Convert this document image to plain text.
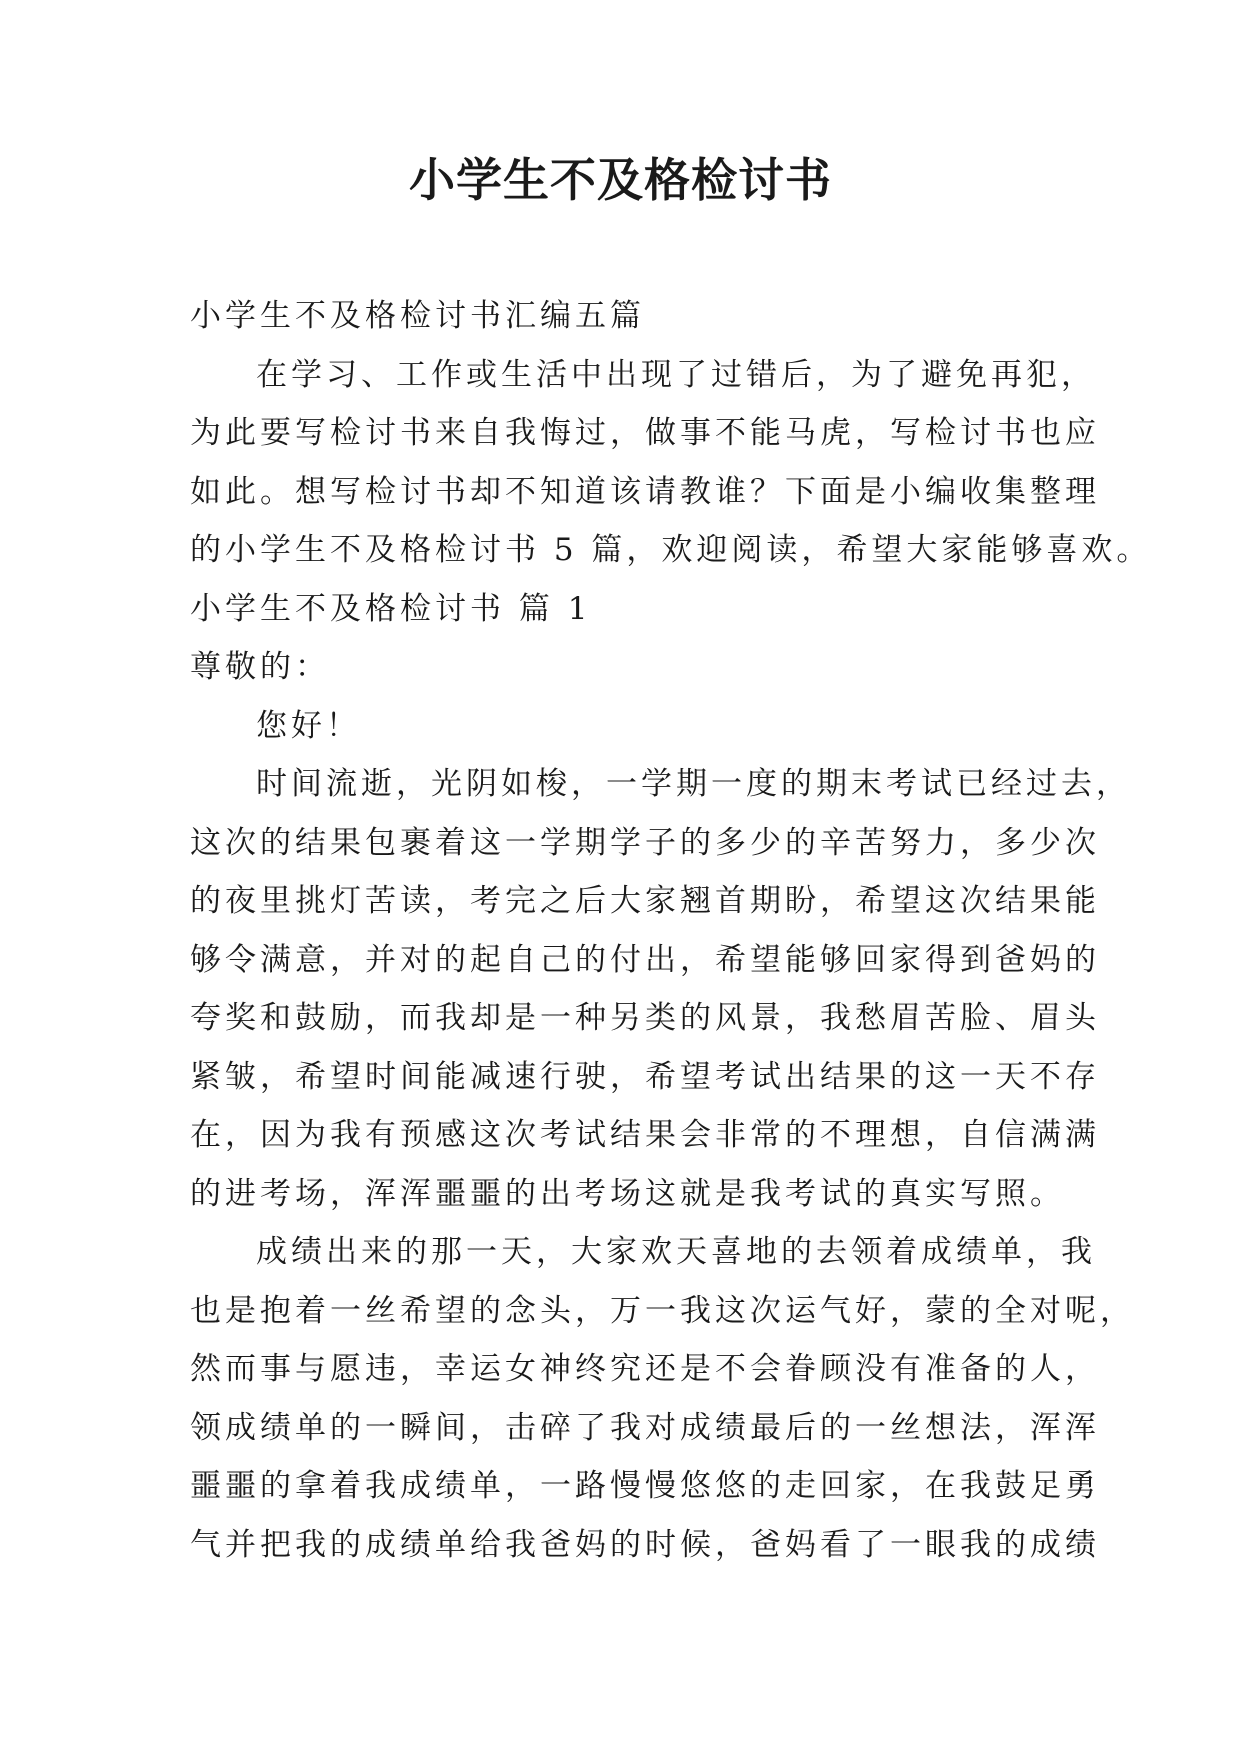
小学生不及格检讨书
小学生不及格检讨书汇编五篇
在学习、工作或生活中出现了过错后，为了避免再犯，
为此要写检讨书来自我悔过，做事不能马虎，写检讨书也应
如此。想写检讨书却不知道该请教谁？下面是小编收集整理
的小学生不及格检讨书 5 篇，欢迎阅读，希望大家能够喜欢。
小学生不及格检讨书 篇 1
尊敬的：
您好！
时间流逝，光阴如梭，一学期一度的期末考试已经过去，
这次的结果包裹着这一学期学子的多少的辛苦努力，多少次
的夜里挑灯苦读，考完之后大家翘首期盼，希望这次结果能
够令满意，并对的起自己的付出，希望能够回家得到爸妈的
夸奖和鼓励，而我却是一种另类的风景，我愁眉苦脸、眉头
紧皱，希望时间能减速行驶，希望考试出结果的这一天不存
在，因为我有预感这次考试结果会非常的不理想，自信满满
的进考场，浑浑噩噩的出考场这就是我考试的真实写照。
成绩出来的那一天，大家欢天喜地的去领着成绩单，我
也是抱着一丝希望的念头，万一我这次运气好，蒙的全对呢，
然而事与愿违，幸运女神终究还是不会眷顾没有准备的人，
领成绩单的一瞬间，击碎了我对成绩最后的一丝想法，浑浑
噩噩的拿着我成绩单，一路慢慢悠悠的走回家，在我鼓足勇
气并把我的成绩单给我爸妈的时候，爸妈看了一眼我的成绩
